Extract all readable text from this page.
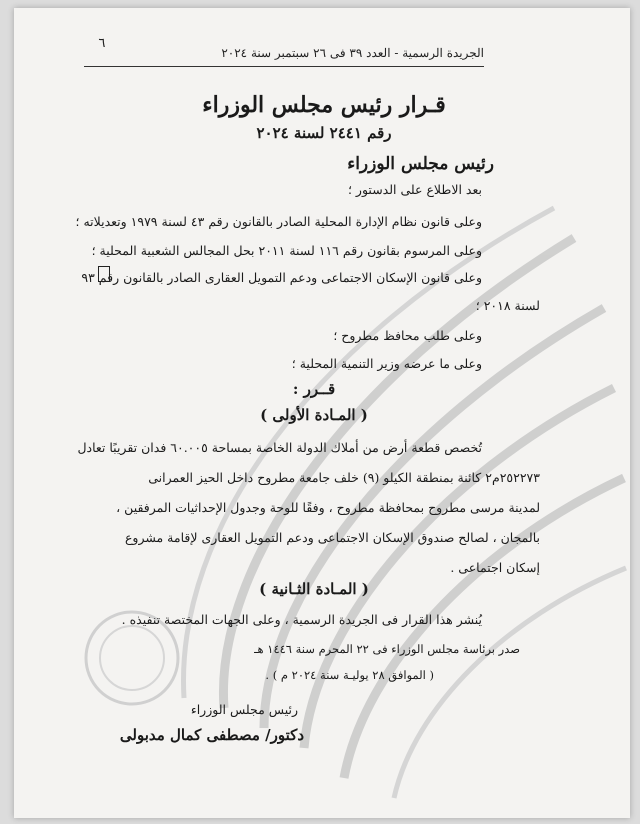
الجريدة الرسمية - العدد ٣٩ فى ٢٦ سبتمبر سنة ٢٠٢٤
٦
قـرار رئيس مجلس الوزراء
رقم ٢٤٤١ لسنة ٢٠٢٤
رئيس مجلس الوزراء
بعد الاطلاع على الدستور ؛
وعلى قانون نظام الإدارة المحلية الصادر بالقانون رقم ٤٣ لسنة ١٩٧٩ وتعديلاته ؛
وعلى المرسوم بقانون رقم ١١٦ لسنة ٢٠١١ بحل المجالس الشعبية المحلية ؛
وعلى قانون الإسكان الاجتماعى ودعم التمويل العقارى الصادر بالقانون رقم ٩٣
لسنة ٢٠١٨ ؛
وعلى طلب محافظ مطروح ؛
وعلى ما عرضه وزير التنمية المحلية ؛
قــرر :
( المـادة الأولى )
تُخصص قطعة أرض من أملاك الدولة الخاصة بمساحة ٦٠.٠٠٥ فدان تقريبًا تعادل
٢٥٢٢٧٣م٢ كائنة بمنطقة الكيلو (٩) خلف جامعة مطروح داخل الحيز العمرانى
لمدينة مرسى مطروح بمحافظة مطروح ، وفقًا للوحة وجدول الإحداثيات المرفقين ،
بالمجان ، لصالح صندوق الإسكان الاجتماعى ودعم التمويل العقارى لإقامة مشروع
إسكان اجتماعى .
( المـادة الثـانية )
يُنشر هذا القرار فى الجريدة الرسمية ، وعلى الجهات المختصة تنفيذه .
صدر برئاسة مجلس الوزراء فى ٢٢ المحرم سنة ١٤٤٦ هـ
( الموافق ٢٨ يوليـة سنة ٢٠٢٤ م ) .
رئيس مجلس الوزراء
دكتور/ مصطفى كمال مدبولى
